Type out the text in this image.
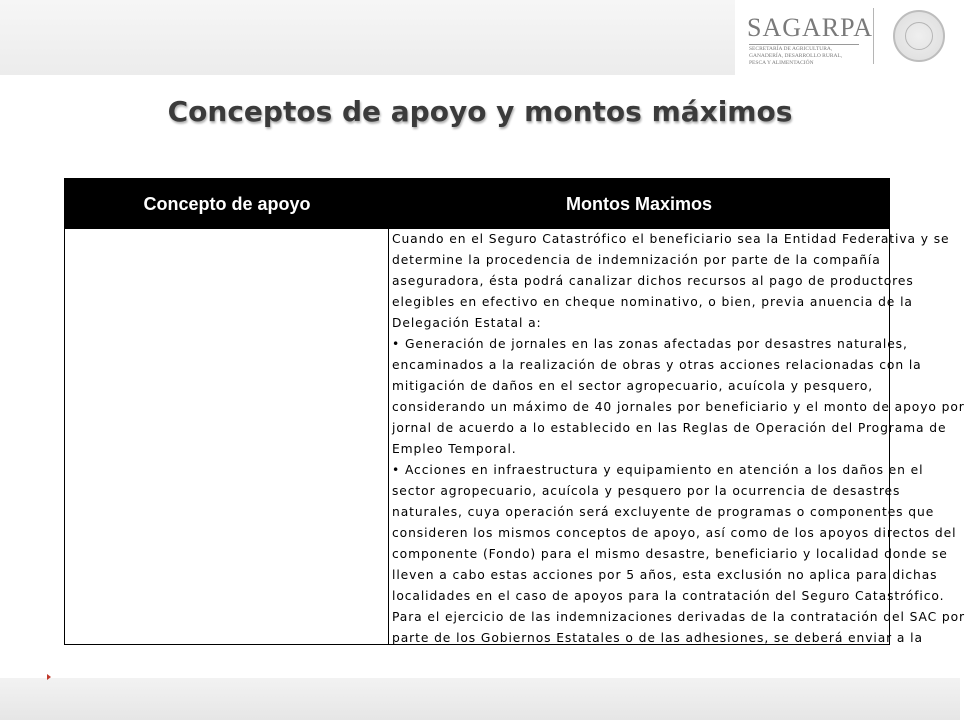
SAGARPA
SECRETARÍA DE AGRICULTURA,
GANADERÍA, DESARROLLO RURAL,
PESCA Y ALIMENTACIÓN
Conceptos de apoyo y montos máximos
Concepto de apoyo	Montos Maximos

Cuando en el Seguro Catastrófico el beneficiario sea la Entidad Federativa y se

determine la procedencia de indemnización por parte de la compañía

aseguradora, ésta podrá canalizar dichos recursos al pago de productores

elegibles en efectivo en cheque nominativo, o bien, previa anuencia de la

Delegación Estatal a:

• Generación de jornales en las zonas afectadas por desastres naturales,

encaminados a la realización de obras y otras acciones relacionadas con la

mitigación de daños en el sector agropecuario, acuícola y pesquero,

considerando un máximo de 40 jornales por beneficiario y el monto de apoyo por

jornal de acuerdo a lo establecido en las Reglas de Operación del Programa de

Empleo Temporal.

• Acciones en infraestructura y equipamiento en atención a los daños en el

sector agropecuario, acuícola y pesquero por la ocurrencia de desastres

naturales, cuya operación será excluyente de programas o componentes que

consideren los mismos conceptos de apoyo, así como de los apoyos directos del

componente (Fondo) para el mismo desastre, beneficiario y localidad donde se

lleven a cabo estas acciones por 5 años, esta exclusión no aplica para dichas

localidades en el caso de apoyos para la contratación del Seguro Catastrófico.

Para el ejercicio de las indemnizaciones derivadas de la contratación del SAC por

parte de los Gobiernos Estatales o de las adhesiones, se deberá enviar a la
